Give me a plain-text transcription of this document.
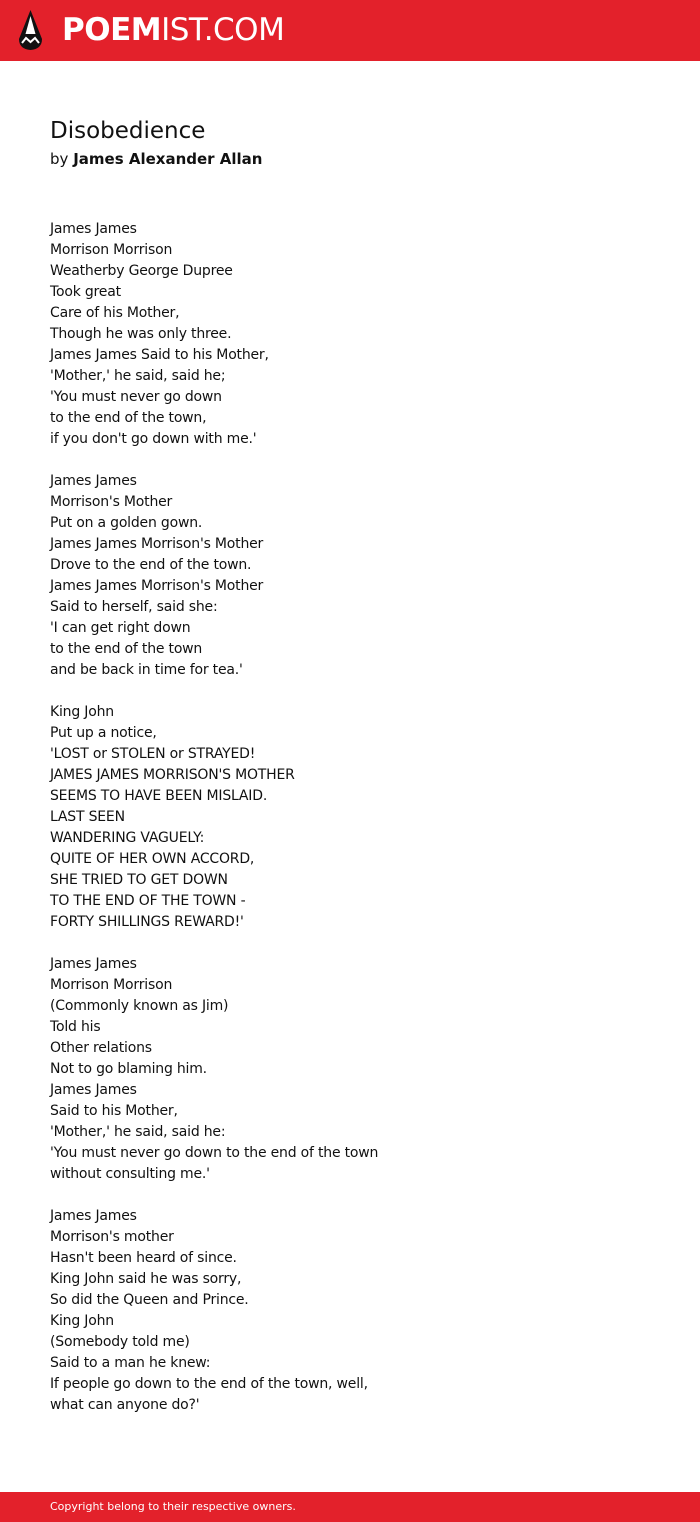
POEMIST.COM
Disobedience
by James Alexander Allan
James James
Morrison Morrison
Weatherby George Dupree
Took great
Care of his Mother,
Though he was only three.
James James Said to his Mother,
'Mother,' he said, said he;
'You must never go down
to the end of the town,
if you don't go down with me.'
James James
Morrison's Mother
Put on a golden gown.
James James Morrison's Mother
Drove to the end of the town.
James James Morrison's Mother
Said to herself, said she:
'I can get right down
to the end of the town
and be back in time for tea.'
King John
Put up a notice,
'LOST or STOLEN or STRAYED!
JAMES JAMES MORRISON'S MOTHER
SEEMS TO HAVE BEEN MISLAID.
LAST SEEN
WANDERING VAGUELY:
QUITE OF HER OWN ACCORD,
SHE TRIED TO GET DOWN
TO THE END OF THE TOWN -
FORTY SHILLINGS REWARD!'
James James
Morrison Morrison
(Commonly known as Jim)
Told his
Other relations
Not to go blaming him.
James James
Said to his Mother,
'Mother,' he said, said he:
'You must never go down to the end of the town
without consulting me.'
James James
Morrison's mother
Hasn't been heard of since.
King John said he was sorry,
So did the Queen and Prince.
King John
(Somebody told me)
Said to a man he knew:
If people go down to the end of the town, well,
what can anyone do?'
Copyright belong to their respective owners.
